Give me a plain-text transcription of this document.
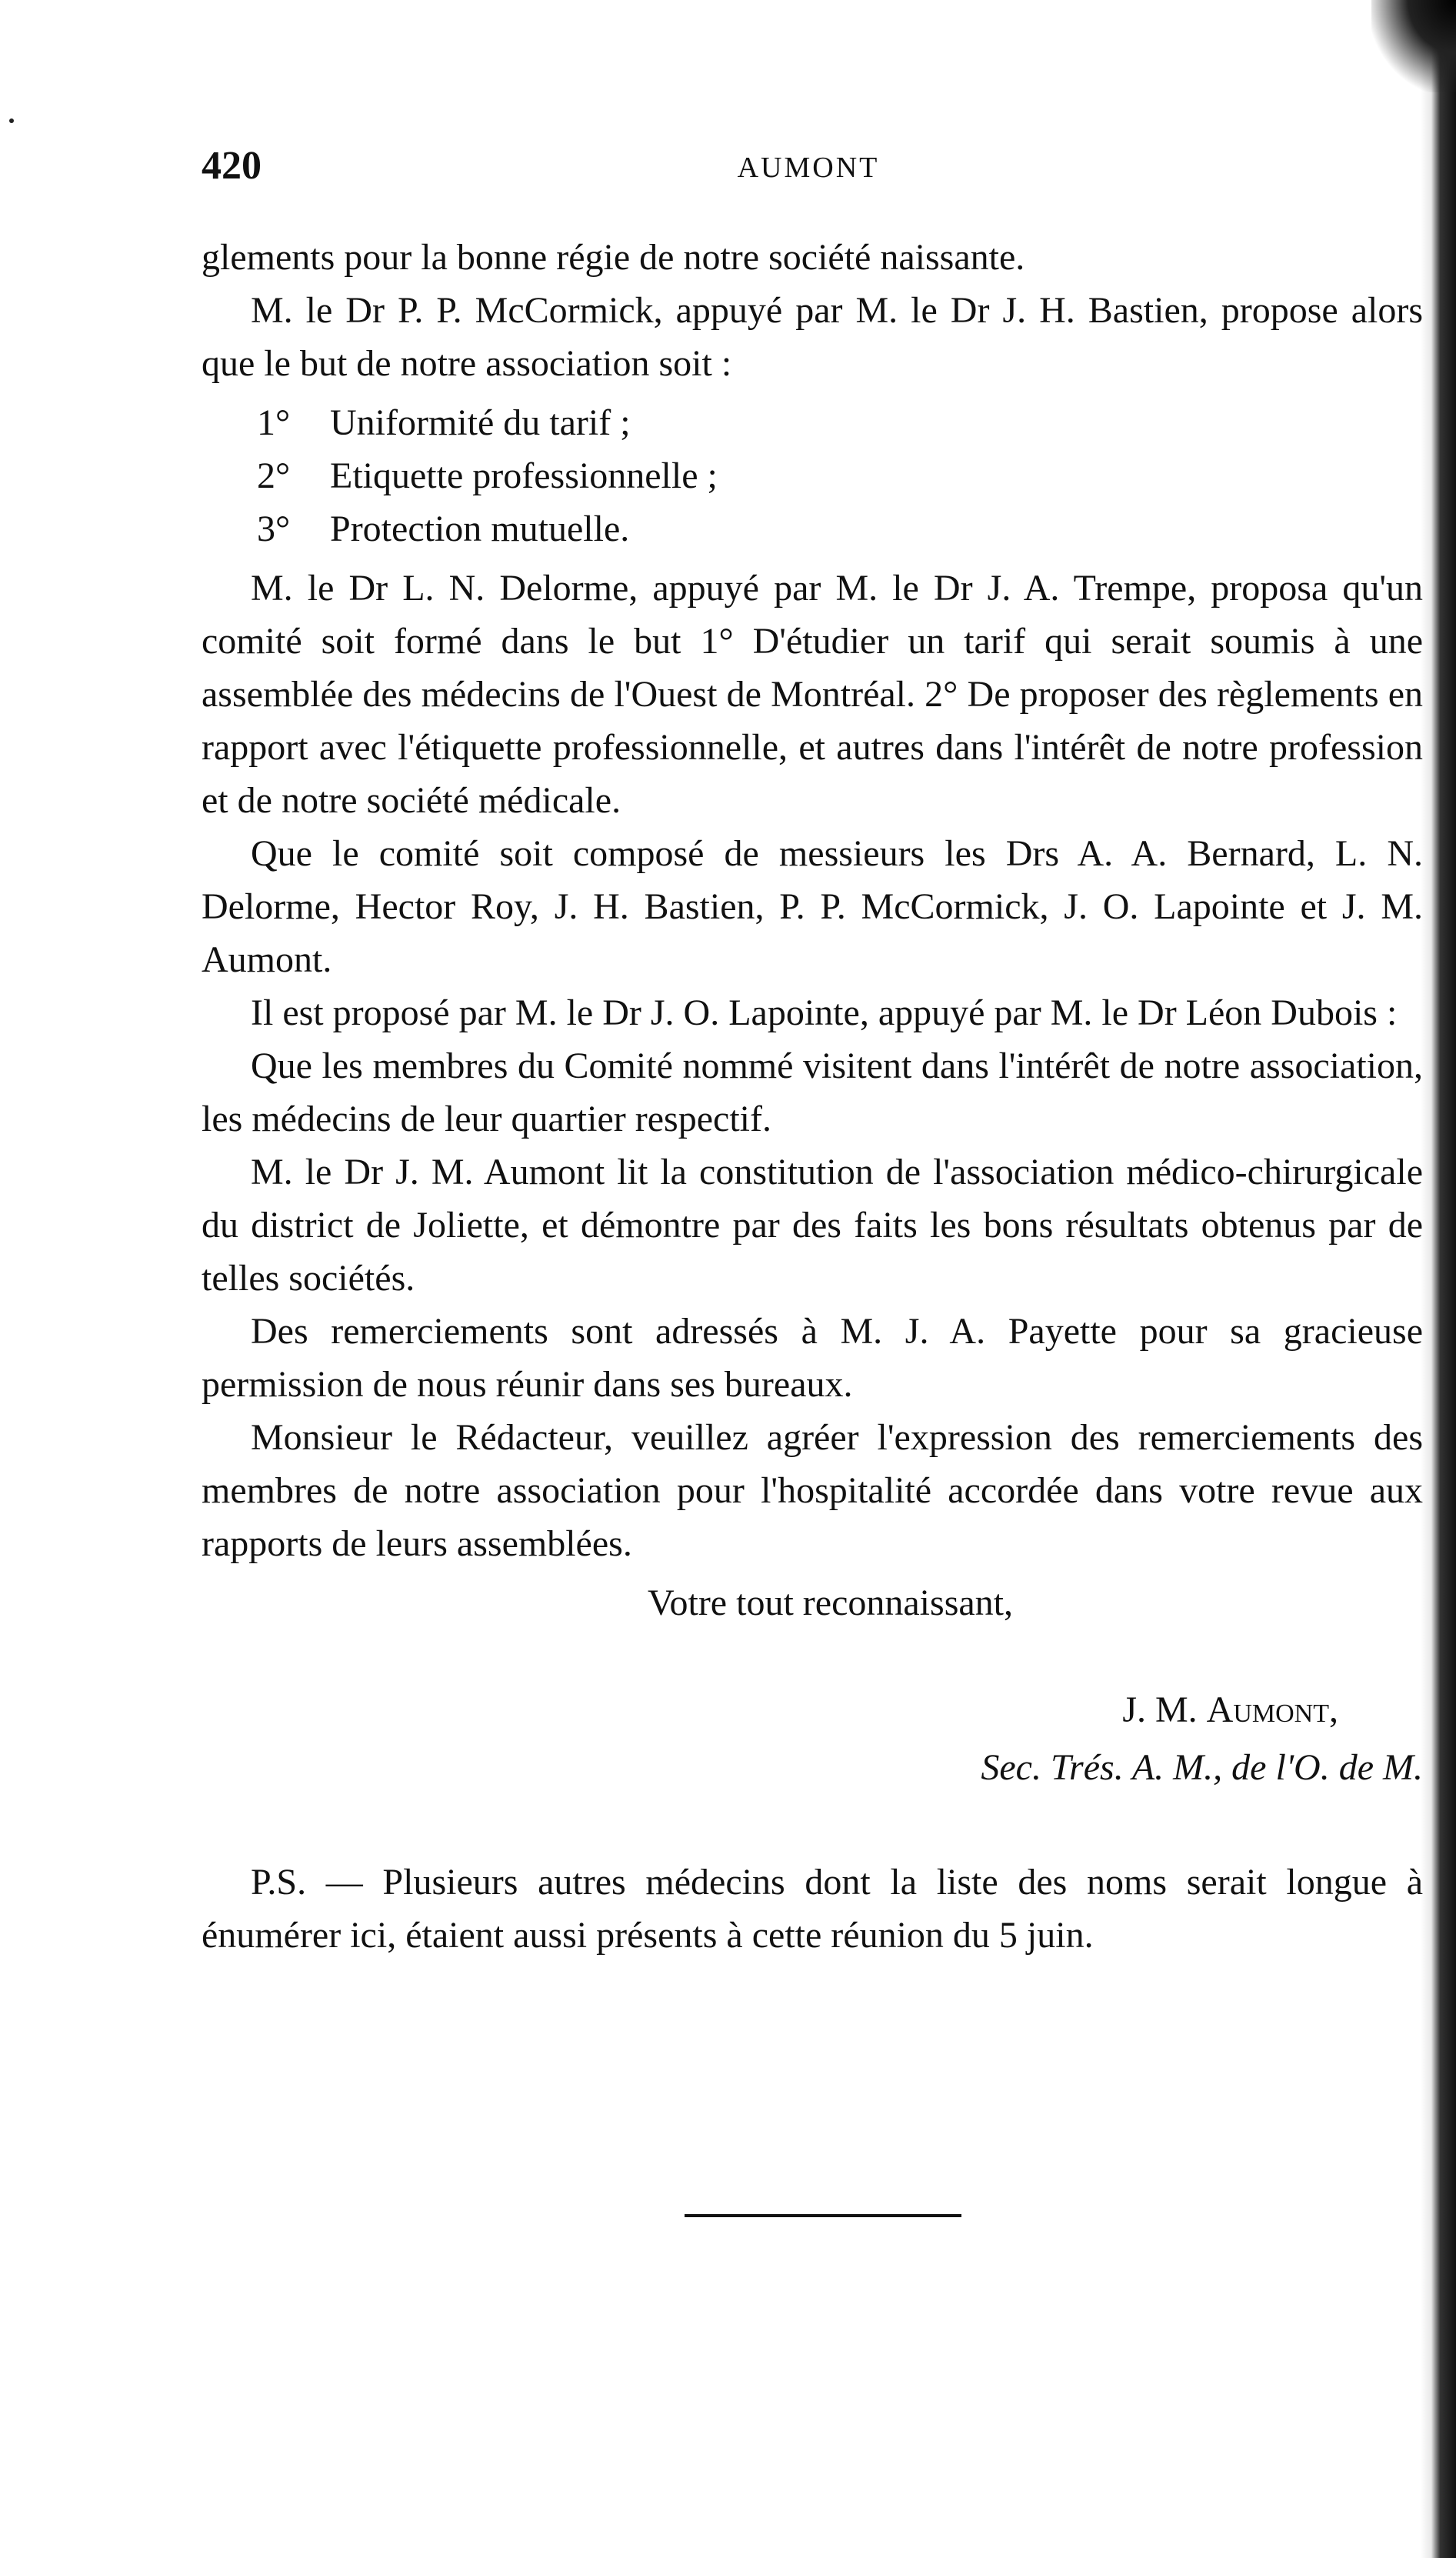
420	AUMONT

glements pour la bonne régie de notre société naissante.

M. le Dr P. P. McCormick, appuyé par M. le Dr J. H. Bastien, propose alors que le but de notre association soit :

1° Uniformité du tarif ;
2° Etiquette professionnelle ;
3° Protection mutuelle.

M. le Dr L. N. Delorme, appuyé par M. le Dr J. A. Trempe, proposa qu'un comité soit formé dans le but 1° D'étudier un tarif qui serait soumis à une assemblée des médecins de l'Ouest de Montréal. 2° De proposer des règlements en rapport avec l'étiquette professionnelle, et autres dans l'intérêt de notre profession et de notre société médicale.

Que le comité soit composé de messieurs les Drs A. A. Bernard, L. N. Delorme, Hector Roy, J. H. Bastien, P. P. McCormick, J. O. Lapointe et J. M. Aumont.

Il est proposé par M. le Dr J. O. Lapointe, appuyé par M. le Dr Léon Dubois :

Que les membres du Comité nommé visitent dans l'intérêt de notre association, les médecins de leur quartier respectif.

M. le Dr J. M. Aumont lit la constitution de l'association médico-chirurgicale du district de Joliette, et démontre par des faits les bons résultats obtenus par de telles sociétés.

Des remerciements sont adressés à M. J. A. Payette pour sa gracieuse permission de nous réunir dans ses bureaux.

Monsieur le Rédacteur, veuillez agréer l'expression des remerciements des membres de notre association pour l'hospitalité accordée dans votre revue aux rapports de leurs assemblées.

Votre tout reconnaissant,

J. M. Aumont,
Sec. Trés. A. M., de l'O. de M.

P.S. — Plusieurs autres médecins dont la liste des noms serait longue à énumérer ici, étaient aussi présents à cette réunion du 5 juin.
